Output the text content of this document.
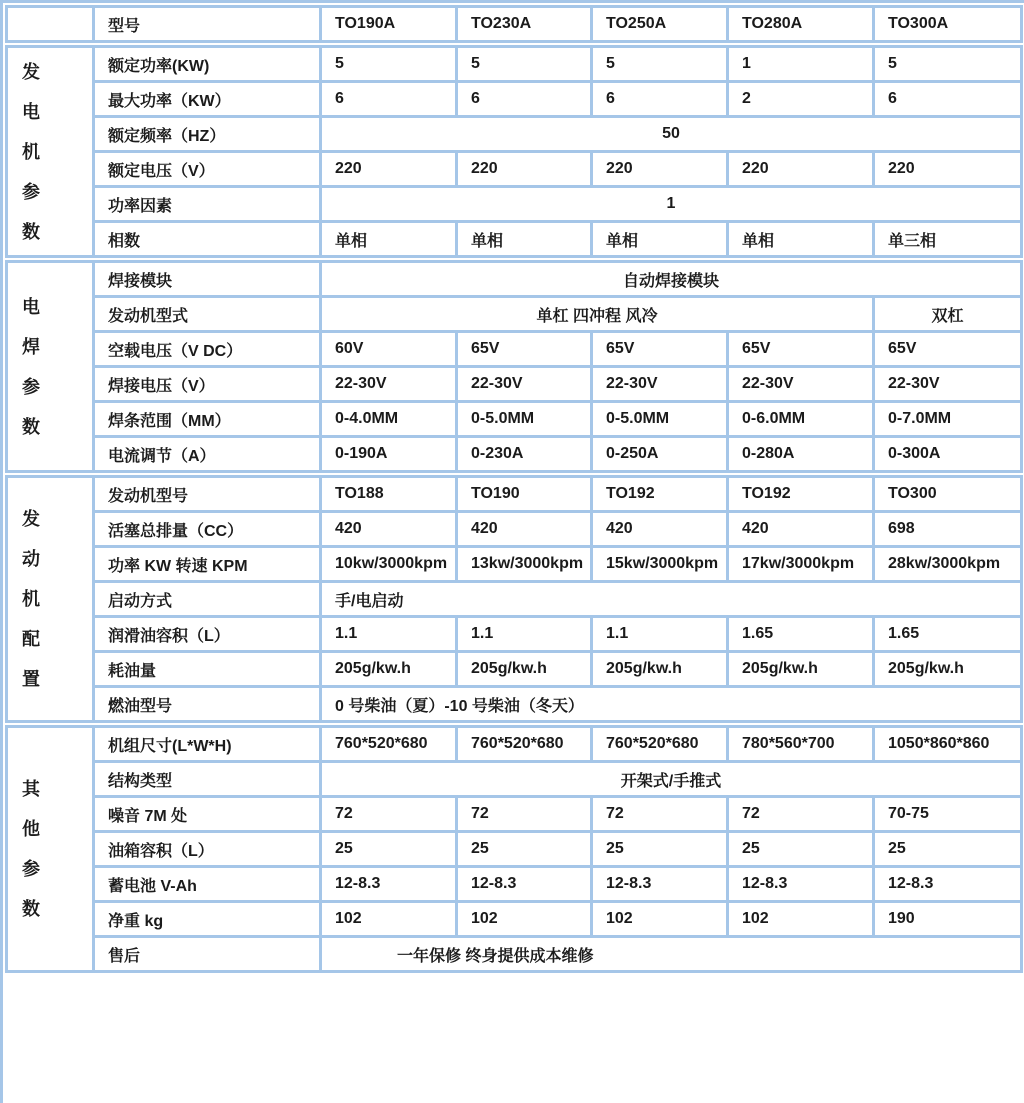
	型号	TO190A	TO230A	TO250A	TO280A	TO300A
发
电
机
参
数	额定功率(KW)	5	5	5	1	5
	最大功率（KW）	6	6	6	2	6
	额定频率（HZ）	50				
	额定电压（V）	220	220	220	220	220
	功率因素	1				
	相数	单相	单相	单相	单相	单三相
电
焊
参
数	焊接模块	自动焊接模块				
	发动机型式	单杠 四冲程 风冷				双杠
	空载电压（V DC）	60V	65V	65V	65V	65V
	焊接电压（V）	22-30V	22-30V	22-30V	22-30V	22-30V
	焊条范围（MM）	0-4.0MM	0-5.0MM	0-5.0MM	0-6.0MM	0-7.0MM
	电流调节（A）	0-190A	0-230A	0-250A	0-280A	0-300A
发
动
机
配
置	发动机型号	TO188	TO190	TO192	TO192	TO300
	活塞总排量（CC）	420	420	420	420	698
	功率 KW 转速 KPM	10kw/3000kpm	13kw/3000kpm	15kw/3000kpm	17kw/3000kpm	28kw/3000kpm
	启动方式	手/电启动				
	润滑油容积（L）	1.1	1.1	1.1	1.65	1.65
	耗油量	205g/kw.h	205g/kw.h	205g/kw.h	205g/kw.h	205g/kw.h
	燃油型号	0 号柴油（夏）-10 号柴油（冬天）				
其
他
参
数	机组尺寸(L*W*H)	760*520*680	760*520*680	760*520*680	780*560*700	1050*860*860
	结构类型	开架式/手推式				
	噪音 7M 处	72	72	72	72	70-75
	油箱容积（L）	25	25	25	25	25
	蓄电池 V-Ah	12-8.3	12-8.3	12-8.3	12-8.3	12-8.3
	净重 kg	102	102	102	102	190
	售后	一年保修 终身提供成本维修				
